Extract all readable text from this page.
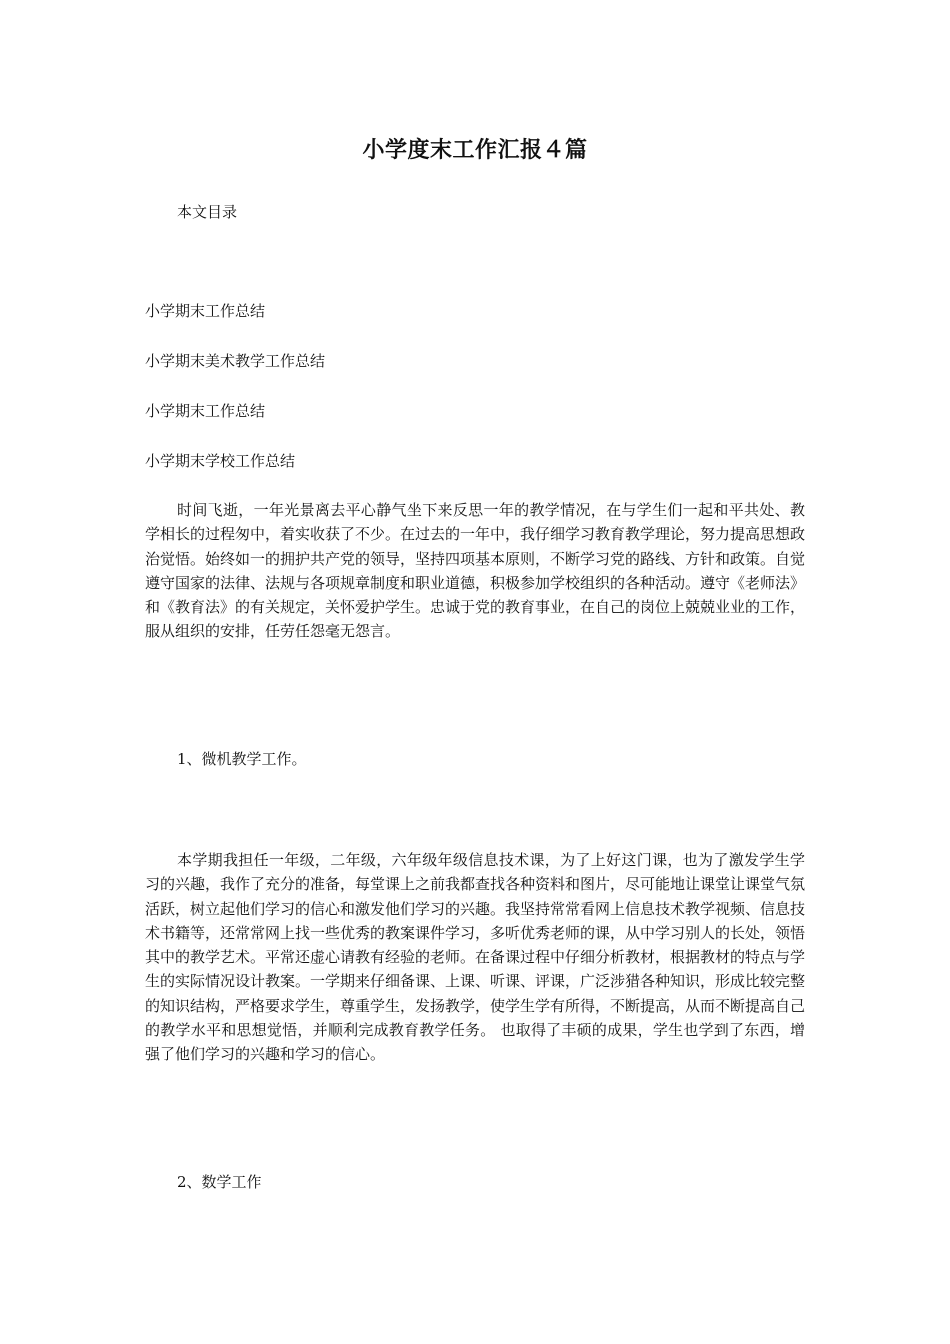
小学度末工作汇报４篇
本文目录
小学期末工作总结
小学期末美术教学工作总结
小学期末工作总结
小学期末学校工作总结
时间飞逝，一年光景离去平心静气坐下来反思一年的教学情况，在与学生们一起和平共处、教学相长的过程匆中，着实收获了不少。在过去的一年中，我仔细学习教育教学理论，努力提高思想政治觉悟。始终如一的拥护共产党的领导，坚持四项基本原则，不断学习党的路线、方针和政策。自觉遵守国家的法律、法规与各项规章制度和职业道德，积极参加学校组织的各种活动。遵守《老师法》和《教育法》的有关规定，关怀爱护学生。忠诚于党的教育事业，在自己的岗位上兢兢业业的工作，服从组织的安排，任劳任怨毫无怨言。
1、微机教学工作。
本学期我担任一年级，二年级，六年级年级信息技术课，为了上好这门课，也为了激发学生学习的兴趣，我作了充分的准备，每堂课上之前我都查找各种资料和图片，尽可能地让课堂让课堂气氛活跃，树立起他们学习的信心和激发他们学习的兴趣。我坚持常常看网上信息技术教学视频、信息技术书籍等，还常常网上找一些优秀的教案课件学习，多听优秀老师的课，从中学习别人的长处，领悟其中的教学艺术。平常还虚心请教有经验的老师。在备课过程中仔细分析教材，根据教材的特点与学生的实际情况设计教案。一学期来仔细备课、上课、听课、评课，广泛涉猎各种知识，形成比较完整的知识结构，严格要求学生，尊重学生，发扬教学，使学生学有所得，不断提高，从而不断提高自己的教学水平和思想觉悟，并顺利完成教育教学任务。 也取得了丰硕的成果，学生也学到了东西，增强了他们学习的兴趣和学习的信心。
2、数学工作
